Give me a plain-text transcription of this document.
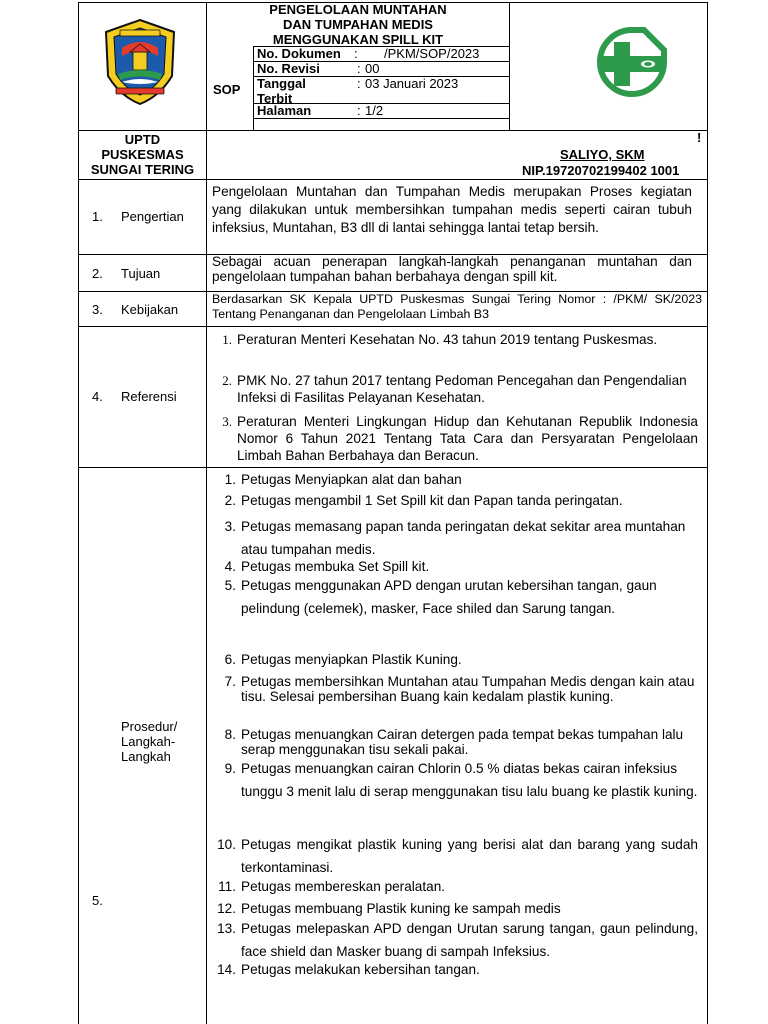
PENGELOLAAN MUNTAHAN
DAN TUMPAHAN MEDIS
MENGGUNAKAN SPILL KIT
SOP
No. Dokumen : /PKM/SOP/2023
No. Revisi	: 00
Tanggal Terbit
: 03 Januari 2023
Halaman	: 1/2
UPTD
PUSKESMAS
SUNGAI TERING
!
SALIYO, SKM
NIP.19720702199402 1001
1. Pengertian
Pengelolaan Muntahan dan Tumpahan Medis merupakan Proses kegiatan yang dilakukan untuk membersihkan tumpahan medis seperti cairan tubuh infeksius, Muntahan, B3 dll di lantai sehingga lantai tetap bersih.
2. Tujuan
Sebagai acuan penerapan langkah-langkah penanganan muntahan dan pengelolaan tumpahan bahan berbahaya dengan spill kit.
3. Kebijakan
Berdasarkan SK Kepala UPTD Puskesmas Sungai Tering Nomor : /PKM/ SK/2023 Tentang Penanganan dan Pengelolaan Limbah B3
4. Referensi
1. Peraturan Menteri Kesehatan No. 43 tahun 2019 tentang Puskesmas.
2. PMK No. 27 tahun 2017 tentang Pedoman Pencegahan dan Pengendalian Infeksi di Fasilitas Pelayanan Kesehatan.
3. Peraturan Menteri Lingkungan Hidup dan Kehutanan Republik Indonesia Nomor 6 Tahun 2021 Tentang Tata Cara dan Persyaratan Pengelolaan Limbah Bahan Berbahaya dan Beracun.
5.
Prosedur/
Langkah-
Langkah
1. Petugas Menyiapkan alat dan bahan
2. Petugas mengambil 1 Set Spill kit dan Papan tanda peringatan.
3. Petugas memasang papan tanda peringatan dekat sekitar area muntahan atau tumpahan medis.
4. Petugas membuka Set Spill kit.
5. Petugas menggunakan APD dengan urutan kebersihan tangan, gaun pelindung (celemek), masker, Face shiled dan Sarung tangan.
6. Petugas menyiapkan Plastik Kuning.
7. Petugas membersihkan Muntahan atau Tumpahan Medis dengan kain atau tisu. Selesai pembersihan Buang kain kedalam plastik kuning.
8. Petugas menuangkan Cairan detergen pada tempat bekas tumpahan lalu serap menggunakan tisu sekali pakai.
9. Petugas menuangkan cairan Chlorin 0.5 % diatas bekas cairan infeksius tunggu 3 menit lalu di serap menggunakan tisu lalu buang ke plastik kuning.
10. Petugas mengikat plastik kuning yang berisi alat dan barang yang sudah terkontaminasi.
11. Petugas membereskan peralatan.
12. Petugas membuang Plastik kuning ke sampah medis
13. Petugas melepaskan APD dengan Urutan sarung tangan, gaun pelindung, face shield dan Masker buang di sampah Infeksius.
14. Petugas melakukan kebersihan tangan.
